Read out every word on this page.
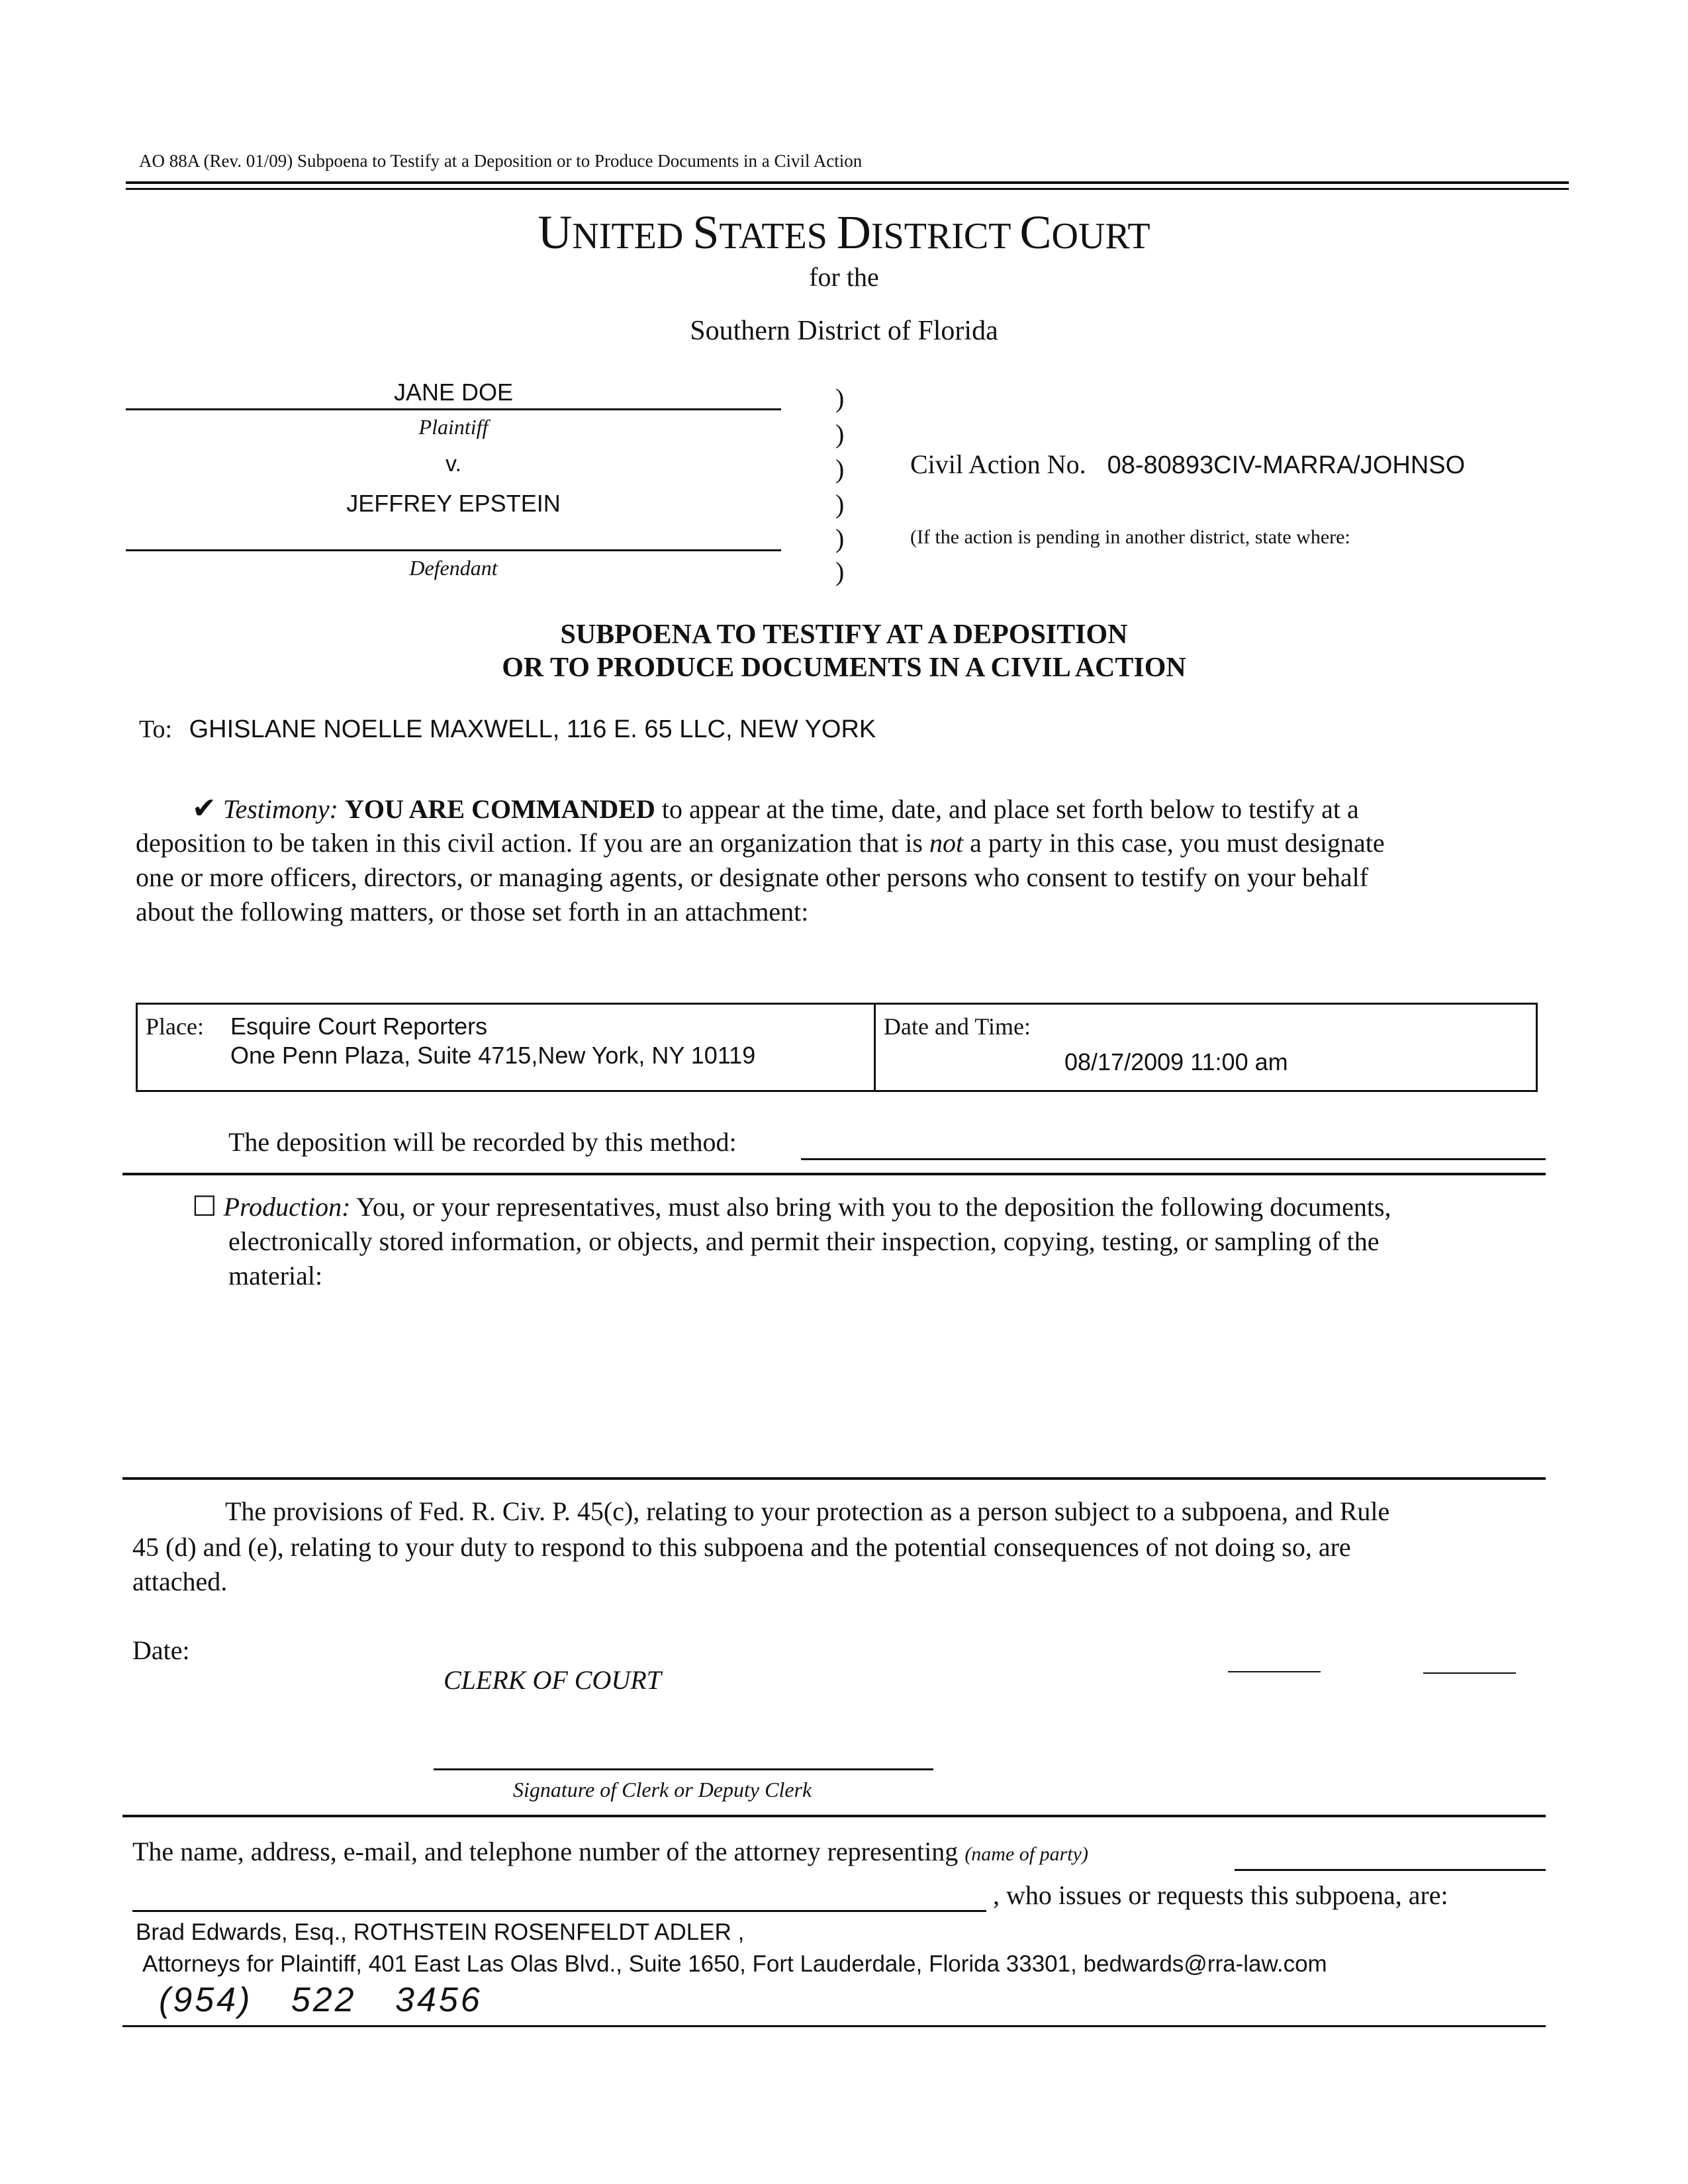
AO 88A (Rev. 01/09) Subpoena to Testify at a Deposition or to Produce Documents in a Civil Action
UNITED STATES DISTRICT COURT
for the
Southern District of Florida
JANE DOE
Plaintiff
v.
JEFFREY EPSTEIN
Defendant
)
)
)
)
)
)
Civil Action No. 08-80893CIV-MARRA/JOHNSO
(If the action is pending in another district, state where:
SUBPOENA TO TESTIFY AT A DEPOSITION
OR TO PRODUCE DOCUMENTS IN A CIVIL ACTION
To: GHISLANE NOELLE MAXWELL, 116 E. 65 LLC, NEW YORK
✔ Testimony: YOU ARE COMMANDED to appear at the time, date, and place set forth below to testify at a
deposition to be taken in this civil action. If you are an organization that is not a party in this case, you must designate
one or more officers, directors, or managing agents, or designate other persons who consent to testify on your behalf
about the following matters, or those set forth in an attachment:
Place: Esquire Court Reporters
One Penn Plaza, Suite 4715,New York, NY 10119
Date and Time:
08/17/2009 11:00 am
The deposition will be recorded by this method:
☐ Production: You, or your representatives, must also bring with you to the deposition the following documents,
electronically stored information, or objects, and permit their inspection, copying, testing, or sampling of the
material:
The provisions of Fed. R. Civ. P. 45(c), relating to your protection as a person subject to a subpoena, and Rule
45 (d) and (e), relating to your duty to respond to this subpoena and the potential consequences of not doing so, are
attached.
Date:
CLERK OF COURT
Signature of Clerk or Deputy Clerk
The name, address, e-mail, and telephone number of the attorney representing (name of party)
, who issues or requests this subpoena, are:
Brad Edwards, Esq., ROTHSTEIN ROSENFELDT ADLER ,
Attorneys for Plaintiff, 401 East Las Olas Blvd., Suite 1650, Fort Lauderdale, Florida 33301, bedwards@rra-law.com
(954) 522 3456
